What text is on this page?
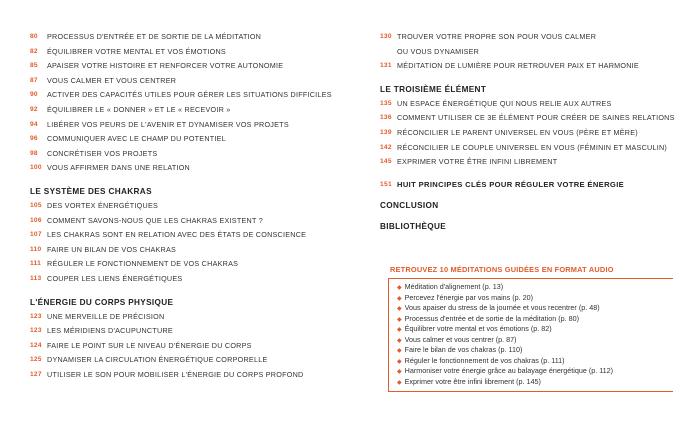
80	PROCESSUS D'ENTRÉE ET DE SORTIE DE LA MÉDITATION
82	ÉQUILIBRER VOTRE MENTAL ET VOS ÉMOTIONS
85	APAISER VOTRE HISTOIRE ET RENFORCER VOTRE AUTONOMIE
87	VOUS CALMER ET VOUS CENTRER
90	ACTIVER DES CAPACITÉS UTILES POUR GÉRER LES SITUATIONS DIFFICILES
92	ÉQUILIBRER LE « DONNER » ET LE « RECEVOIR »
94	LIBÉRER VOS PEURS DE L'AVENIR ET DYNAMISER VOS PROJETS
96	COMMUNIQUER AVEC LE CHAMP DU POTENTIEL
98	CONCRÉTISER VOS PROJETS
100 VOUS AFFIRMER DANS UNE RELATION
LE SYSTÈME DES CHAKRAS
105 DES VORTEX ÉNERGÉTIQUES
106 COMMENT SAVONS-NOUS QUE LES CHAKRAS EXISTENT ?
107 LES CHAKRAS SONT EN RELATION AVEC DES ÉTATS DE CONSCIENCE
110 FAIRE UN BILAN DE VOS CHAKRAS
111 RÉGULER LE FONCTIONNEMENT DE VOS CHAKRAS
113 COUPER LES LIENS ÉNERGÉTIQUES
L'ÉNERGIE DU CORPS PHYSIQUE
123 UNE MERVEILLE DE PRÉCISION
123 LES MÉRIDIENS D'ACUPUNCTURE
124 FAIRE LE POINT SUR LE NIVEAU D'ÉNERGIE DU CORPS
125 DYNAMISER LA CIRCULATION ÉNERGÉTIQUE CORPORELLE
127 UTILISER LE SON POUR MOBILISER L'ÉNERGIE DU CORPS PROFOND
130 TROUVER VOTRE PROPRE SON POUR VOUS CALMER
OU VOUS DYNAMISER
131 MÉDITATION DE LUMIÈRE POUR RETROUVER PAIX ET HARMONIE
LE TROISIÈME ÉLÉMENT
135 UN ESPACE ÉNERGÉTIQUE QUI NOUS RELIE AUX AUTRES
136 COMMENT UTILISER CE 3E ÉLÉMENT POUR CRÉER DE SAINES RELATIONS
139 RÉCONCILIER LE PARENT UNIVERSEL EN VOUS (PÈRE ET MÈRE)
142 RÉCONCILIER LE COUPLE UNIVERSEL EN VOUS (FÉMININ ET MASCULIN)
145 EXPRIMER VOTRE ÊTRE INFINI LIBREMENT
151 HUIT PRINCIPES CLÉS POUR RÉGULER VOTRE ÉNERGIE
CONCLUSION
BIBLIOTHÈQUE
RETROUVEZ 10 MÉDITATIONS GUIDÉES EN FORMAT AUDIO
◆ Méditation d'alignement (p. 13)
◆ Percevez l'énergie par vos mains (p. 20)
◆ Vous apaiser du stress de la journée et vous recentrer (p. 48)
◆ Processus d'entrée et de sortie de la méditation (p. 80)
◆ Équilibrer votre mental et vos émotions (p. 82)
◆ Vous calmer et vous centrer (p. 87)
◆ Faire le bilan de vos chakras (p. 110)
◆ Réguler le fonctionnement de vos chakras (p. 111)
◆ Harmoniser votre énergie grâce au balayage énergétique (p. 112)
◆ Exprimer votre être infini librement (p. 145)
